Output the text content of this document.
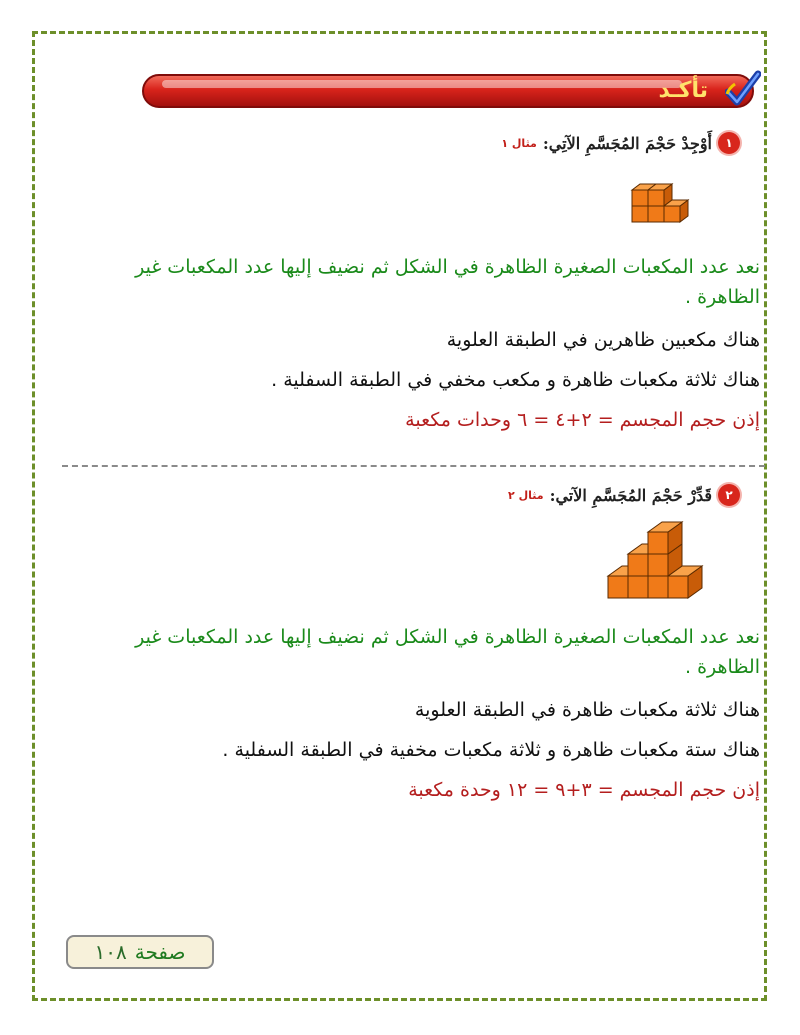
تأكـد
١
أَوْجِدْ حَجْمَ المُجَسَّمِ الآتِي:
مثال ١
نعد عدد المكعبات الصغيرة الظاهرة في الشكل ثم نضيف إليها عدد المكعبات غير الظاهرة .
هناك مكعبين ظاهرين في الطبقة العلوية
هناك ثلاثة مكعبات ظاهرة و مكعب مخفي في الطبقة السفلية .
إذن حجم المجسم = ٢+٤ = ٦ وحدات مكعبة
٢
قَدِّرْ حَجْمَ المُجَسَّمِ الآتي:
مثال ٢
نعد عدد المكعبات الصغيرة الظاهرة في الشكل ثم نضيف إليها عدد المكعبات غير الظاهرة .
هناك ثلاثة مكعبات ظاهرة في الطبقة العلوية
هناك ستة مكعبات ظاهرة و ثلاثة مكعبات مخفية في الطبقة السفلية .
إذن حجم المجسم = ٣+٩ = ١٢ وحدة مكعبة
صفحة
١٠٨
